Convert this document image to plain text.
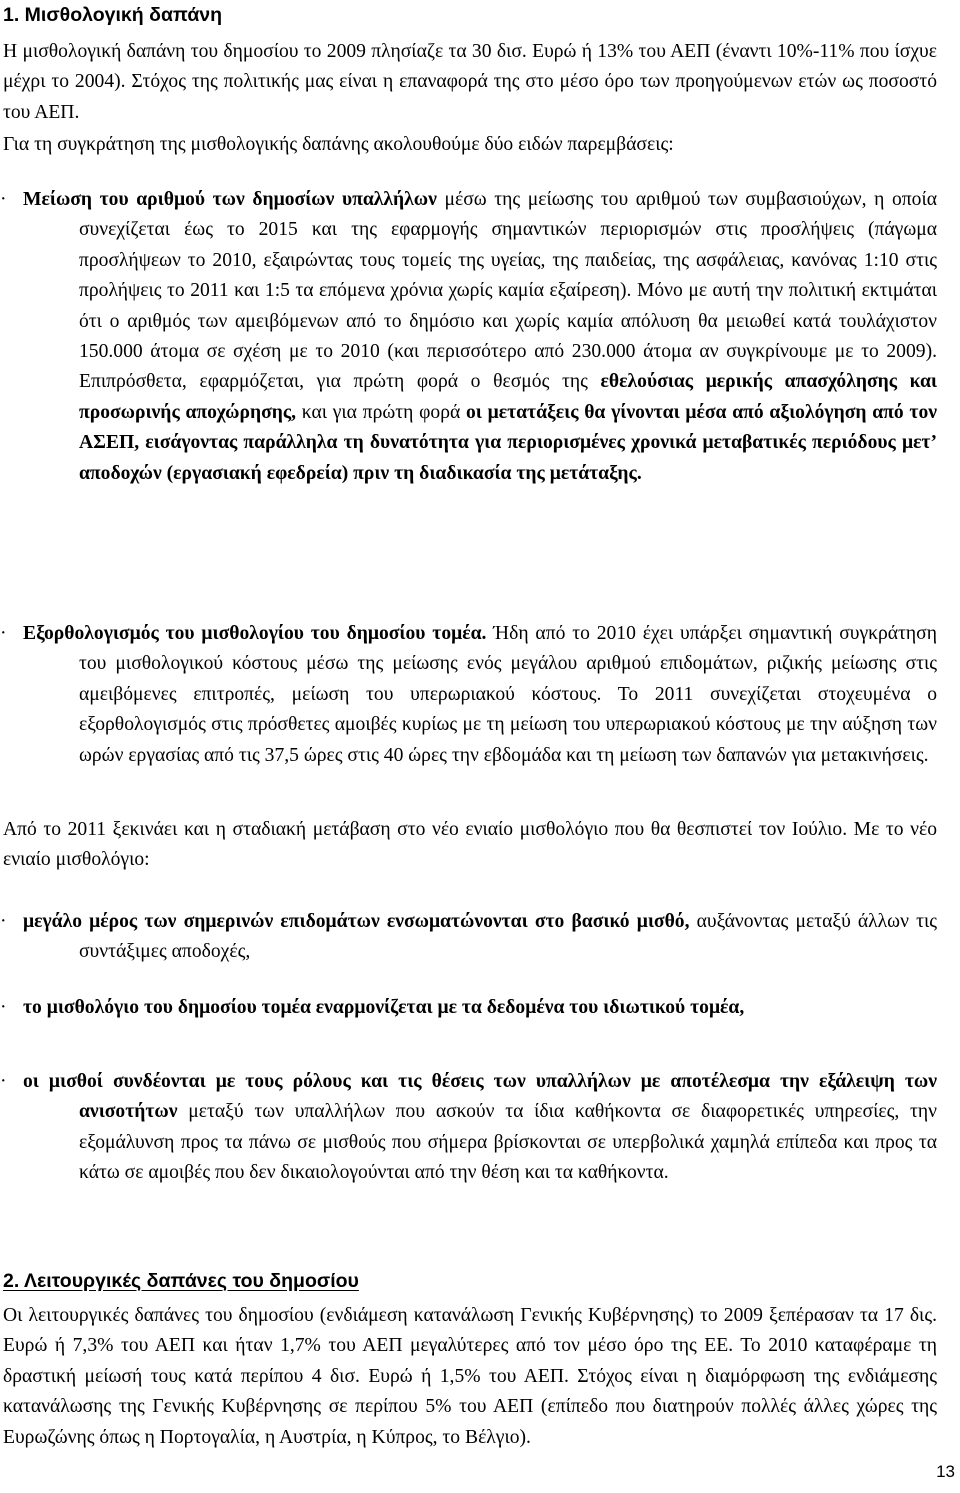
1. Μισθολογική δαπάνη
Η μισθολογική δαπάνη του δημοσίου το 2009 πλησίαζε τα 30 δισ. Ευρώ ή 13% του ΑΕΠ (έναντι 10%-11% που ίσχυε μέχρι το 2004). Στόχος της πολιτικής μας είναι η επαναφορά της στο μέσο όρο των προηγούμενων ετών ως ποσοστό του ΑΕΠ.
Για τη συγκράτηση της μισθολογικής δαπάνης ακολουθούμε δύο ειδών παρεμβάσεις:
· Μείωση του αριθμού των δημοσίων υπαλλήλων μέσω της μείωσης του αριθμού των συμβασιούχων, η οποία συνεχίζεται έως το 2015 και της εφαρμογής σημαντικών περιορισμών στις προσλήψεις (πάγωμα προσλήψεων το 2010, εξαιρώντας τους τομείς της υγείας, της παιδείας, της ασφάλειας, κανόνας 1:10 στις προλήψεις το 2011 και 1:5 τα επόμενα χρόνια χωρίς καμία εξαίρεση). Μόνο με αυτή την πολιτική εκτιμάται ότι ο αριθμός των αμειβόμενων από το δημόσιο και χωρίς καμία απόλυση θα μειωθεί κατά τουλάχιστον 150.000 άτομα σε σχέση με το 2010 (και περισσότερο από 230.000 άτομα αν συγκρίνουμε με το 2009). Επιπρόσθετα, εφαρμόζεται, για πρώτη φορά ο θεσμός της εθελούσιας μερικής απασχόλησης και προσωρινής αποχώρησης, και για πρώτη φορά οι μετατάξεις θα γίνονται μέσα από αξιολόγηση από τον ΑΣΕΠ, εισάγοντας παράλληλα τη δυνατότητα για περιορισμένες χρονικά μεταβατικές περιόδους μετ’ αποδοχών (εργασιακή εφεδρεία) πριν τη διαδικασία της μετάταξης.
· Εξορθολογισμός του μισθολογίου του δημοσίου τομέα. Ήδη από το 2010 έχει υπάρξει σημαντική συγκράτηση του μισθολογικού κόστους μέσω της μείωσης ενός μεγάλου αριθμού επιδομάτων, ριζικής μείωσης στις αμειβόμενες επιτροπές, μείωση του υπερωριακού κόστους. Το 2011 συνεχίζεται στοχευμένα ο εξορθολογισμός στις πρόσθετες αμοιβές κυρίως με τη μείωση του υπερωριακού κόστους με την αύξηση των ωρών εργασίας από τις 37,5 ώρες στις 40 ώρες την εβδομάδα και τη μείωση των δαπανών για μετακινήσεις.
Από το 2011 ξεκινάει και η σταδιακή μετάβαση στο νέο ενιαίο μισθολόγιο που θα θεσπιστεί τον Ιούλιο. Με το νέο ενιαίο μισθολόγιο:
· μεγάλο μέρος των σημερινών επιδομάτων ενσωματώνονται στο βασικό μισθό, αυξάνοντας μεταξύ άλλων τις συντάξιμες αποδοχές,
· το μισθολόγιο του δημοσίου τομέα εναρμονίζεται με τα δεδομένα του ιδιωτικού τομέα,
· οι μισθοί συνδέονται με τους ρόλους και τις θέσεις των υπαλλήλων με αποτέλεσμα την εξάλειψη των ανισοτήτων μεταξύ των υπαλλήλων που ασκούν τα ίδια καθήκοντα σε διαφορετικές υπηρεσίες, την εξομάλυνση προς τα πάνω σε μισθούς που σήμερα βρίσκονται σε υπερβολικά χαμηλά επίπεδα και προς τα κάτω σε αμοιβές που δεν δικαιολογούνται από την θέση και τα καθήκοντα.
2. Λειτουργικές δαπάνες του δημοσίου
Οι λειτουργικές δαπάνες του δημοσίου (ενδιάμεση κατανάλωση Γενικής Κυβέρνησης) το 2009 ξεπέρασαν τα 17 δις. Ευρώ ή 7,3% του ΑΕΠ και ήταν 1,7% του ΑΕΠ μεγαλύτερες από τον μέσο όρο της ΕΕ. Το 2010 καταφέραμε τη δραστική μείωσή τους κατά περίπου 4 δισ. Ευρώ ή 1,5% του ΑΕΠ. Στόχος είναι η διαμόρφωση της ενδιάμεσης κατανάλωσης της Γενικής Κυβέρνησης σε περίπου 5% του ΑΕΠ (επίπεδο που διατηρούν πολλές άλλες χώρες της Ευρωζώνης όπως η Πορτογαλία, η Αυστρία, η Κύπρος, το Βέλγιο).
13
